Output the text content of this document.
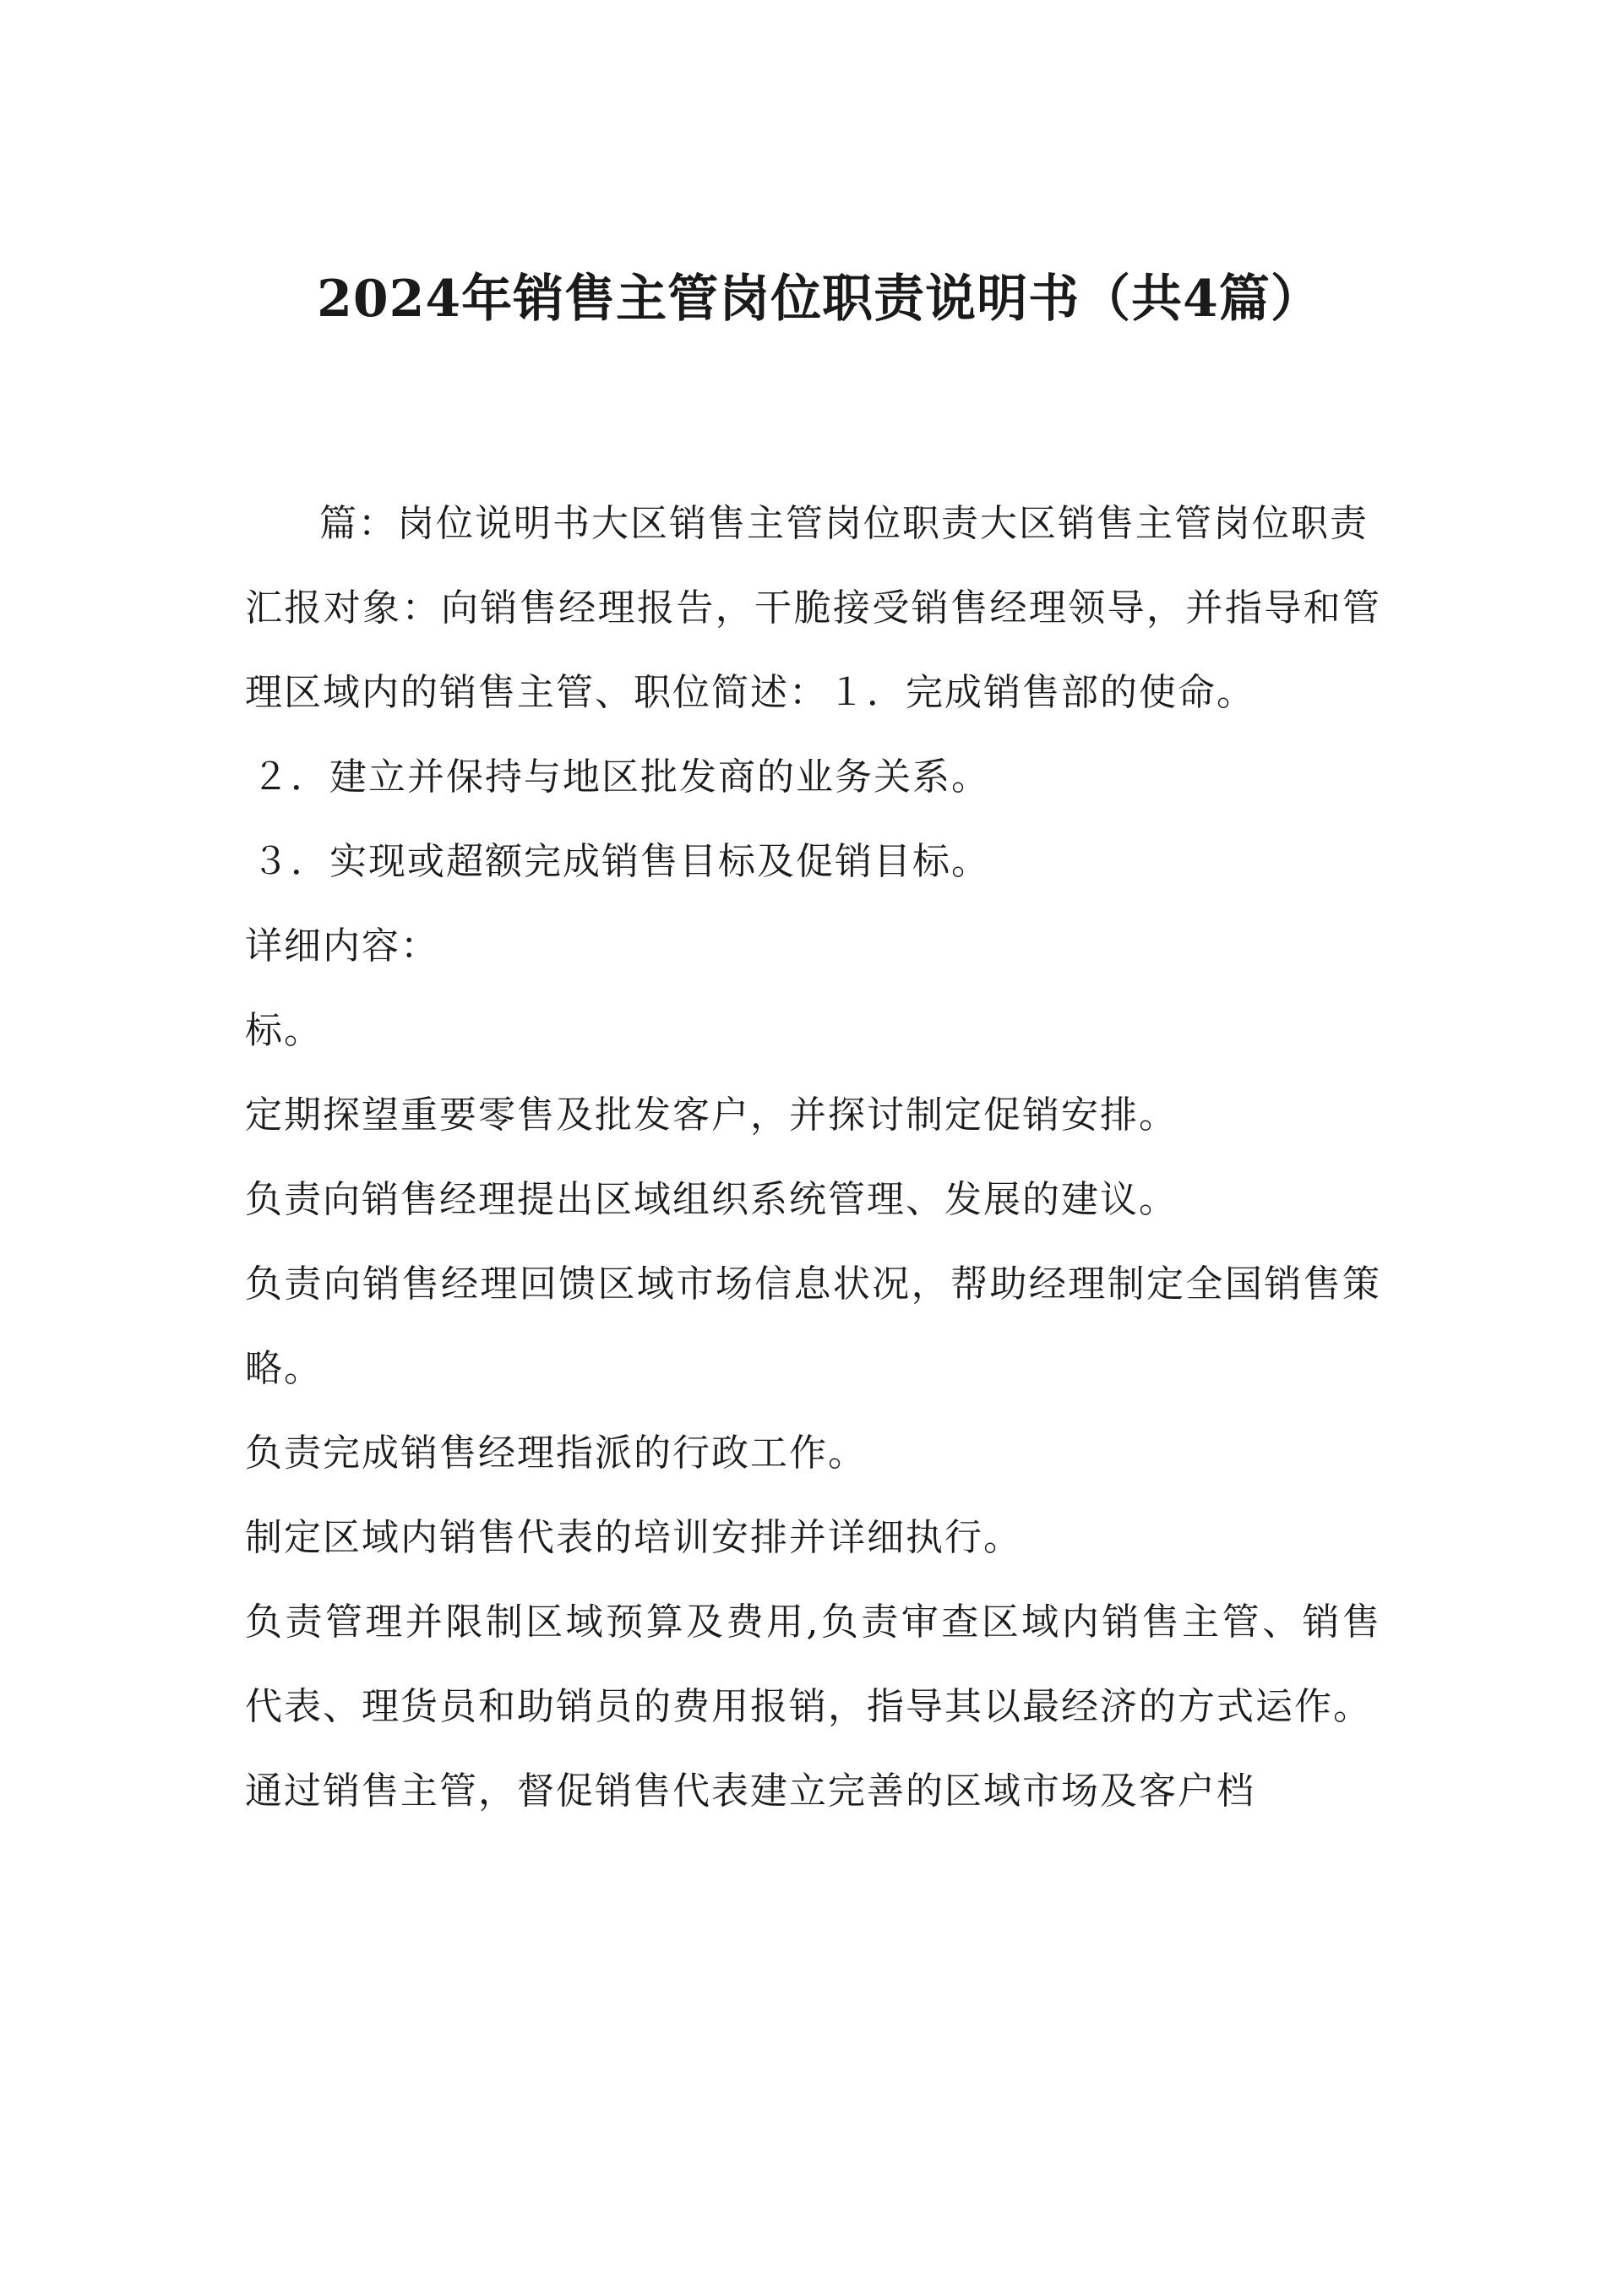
2024年销售主管岗位职责说明书（共4篇）

篇：岗位说明书大区销售主管岗位职责大区销售主管岗位职责

汇报对象：向销售经理报告，干脆接受销售经理领导，并指导和管理区域内的销售主管、职位简述：１．完成销售部的使命。

２．建立并保持与地区批发商的业务关系。

３．实现或超额完成销售目标及促销目标。

详细内容：

标。

定期探望重要零售及批发客户，并探讨制定促销安排。

负责向销售经理提出区域组织系统管理、发展的建议。

负责向销售经理回馈区域市场信息状况，帮助经理制定全国销售策略。

负责完成销售经理指派的行政工作。

制定区域内销售代表的培训安排并详细执行。

负责管理并限制区域预算及费用,负责审查区域内销售主管、销售代表、理货员和助销员的费用报销，指导其以最经济的方式运作。

通过销售主管，督促销售代表建立完善的区域市场及客户档
